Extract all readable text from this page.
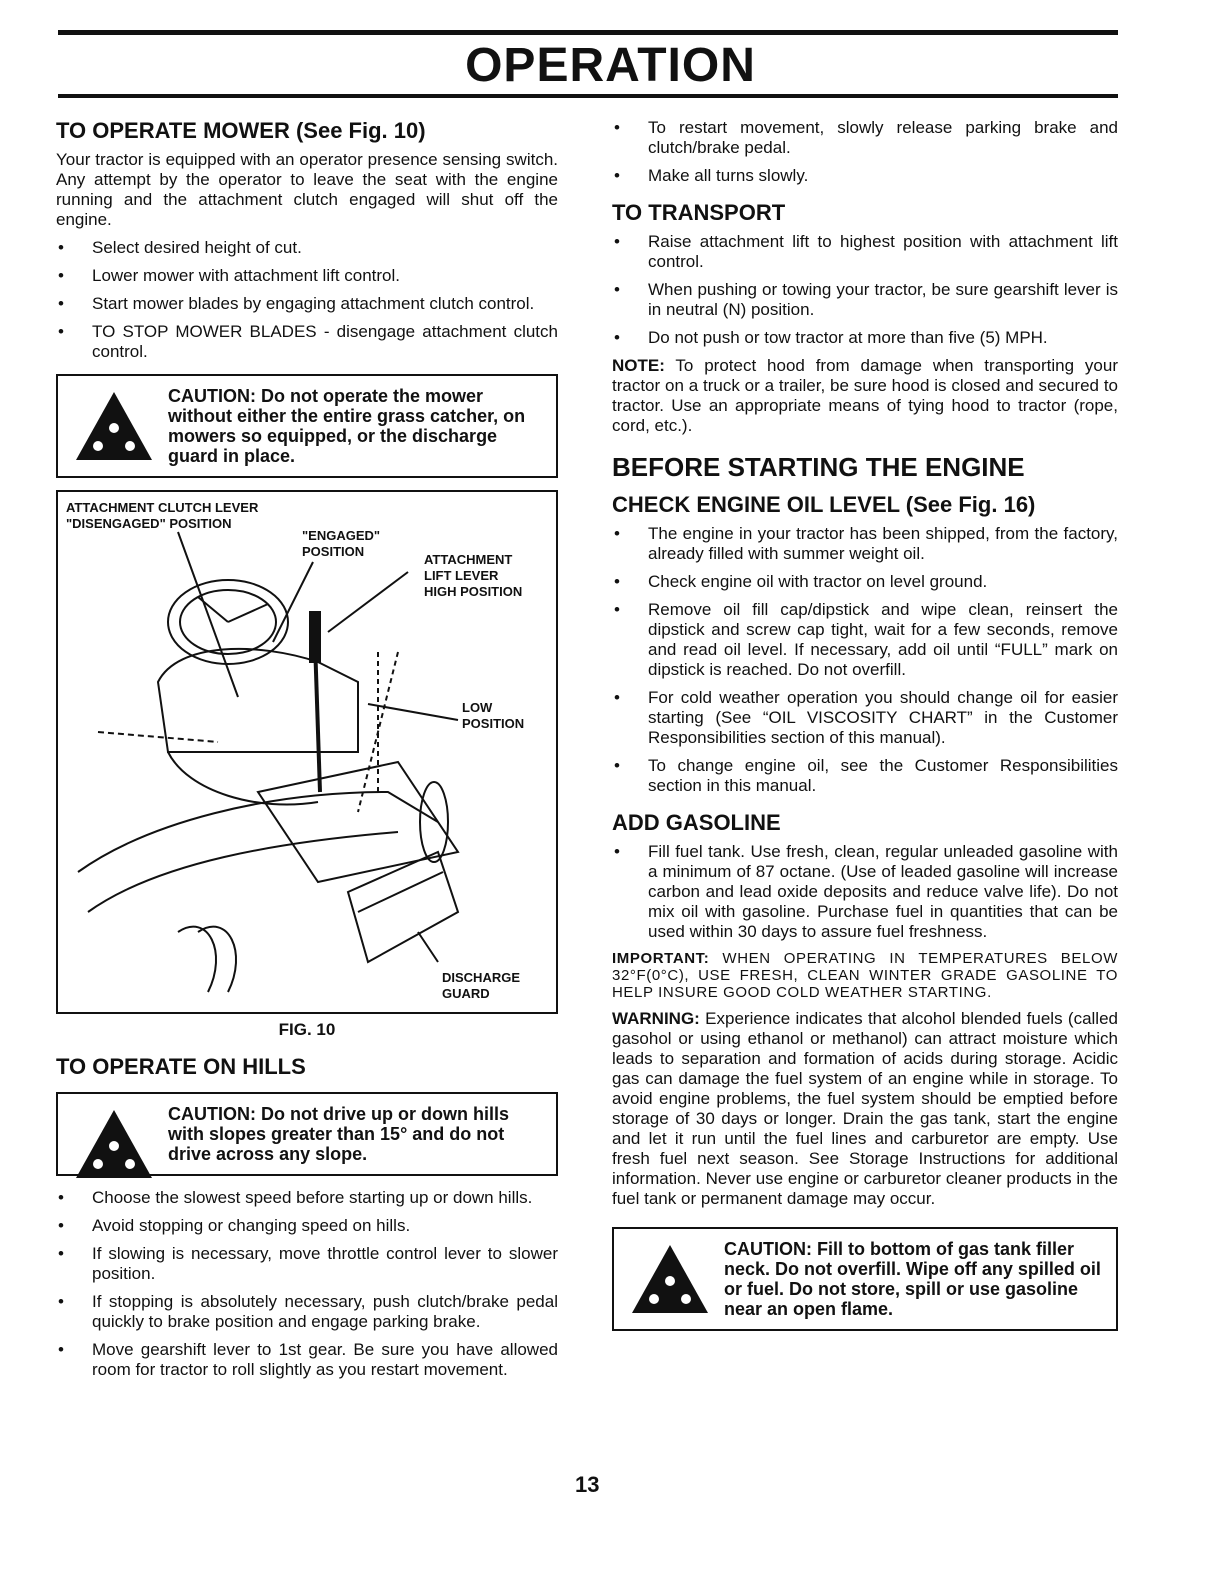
OPERATION
TO OPERATE MOWER (See Fig. 10)

Your tractor is equipped with an operator presence sensing switch. Any attempt by the operator to leave the seat with the engine running and the attachment clutch engaged will shut off the engine.

• Select desired height of cut.
• Lower mower with attachment lift control.
• Start mower blades by engaging attachment clutch control.
• TO STOP MOWER BLADES - disengage attachment clutch control.
CAUTION: Do not operate the mower without either the entire grass catcher, on mowers so equipped, or the discharge guard in place.
ATTACHMENT CLUTCH LEVER
"DISENGAGED" POSITION
"ENGAGED"
POSITION
ATTACHMENT
LIFT LEVER
HIGH POSITION
LOW
POSITION
DISCHARGE
GUARD
FIG. 10
TO OPERATE ON HILLS
CAUTION: Do not drive up or down hills with slopes greater than 15° and do not drive across any slope.
• Choose the slowest speed before starting up or down hills.
• Avoid stopping or changing speed on hills.
• If slowing is necessary, move throttle control lever to slower position.
• If stopping is absolutely necessary, push clutch/brake pedal quickly to brake position and engage parking brake.
• Move gearshift lever to 1st gear. Be sure you have allowed room for tractor to roll slightly as you restart movement.
• To restart movement, slowly release parking brake and clutch/brake pedal.
• Make all turns slowly.
TO TRANSPORT
• Raise attachment lift to highest position with attachment lift control.
• When pushing or towing your tractor, be sure gearshift lever is in neutral (N) position.
• Do not push or tow tractor at more than five (5) MPH.

NOTE: To protect hood from damage when transporting your tractor on a truck or a trailer, be sure hood is closed and secured to tractor. Use an appropriate means of tying hood to tractor (rope, cord, etc.).

BEFORE STARTING THE ENGINE
CHECK ENGINE OIL LEVEL (See Fig. 16)
• The engine in your tractor has been shipped, from the factory, already filled with summer weight oil.
• Check engine oil with tractor on level ground.
• Remove oil fill cap/dipstick and wipe clean, reinsert the dipstick and screw cap tight, wait for a few seconds, remove and read oil level. If necessary, add oil until “FULL” mark on dipstick is reached. Do not overfill.
• For cold weather operation you should change oil for easier starting (See “OIL VISCOSITY CHART” in the Customer Responsibilities section of this manual).
• To change engine oil, see the Customer Responsibilities section in this manual.
ADD GASOLINE
• Fill fuel tank. Use fresh, clean, regular unleaded gasoline with a minimum of 87 octane. (Use of leaded gasoline will increase carbon and lead oxide deposits and reduce valve life). Do not mix oil with gasoline. Purchase fuel in quantities that can be used within 30 days to assure fuel freshness.

IMPORTANT: WHEN OPERATING IN TEMPERATURES BELOW 32°F(0°C), USE FRESH, CLEAN WINTER GRADE GASOLINE TO HELP INSURE GOOD COLD WEATHER STARTING.

WARNING: Experience indicates that alcohol blended fuels (called gasohol or using ethanol or methanol) can attract moisture which leads to separation and formation of acids during storage. Acidic gas can damage the fuel system of an engine while in storage. To avoid engine problems, the fuel system should be emptied before storage of 30 days or longer. Drain the gas tank, start the engine and let it run until the fuel lines and carburetor are empty. Use fresh fuel next season. See Storage Instructions for additional information. Never use engine or carburetor cleaner products in the fuel tank or permanent damage may occur.

CAUTION: Fill to bottom of gas tank filler neck. Do not overfill. Wipe off any spilled oil or fuel. Do not store, spill or use gasoline near an open flame.
13
